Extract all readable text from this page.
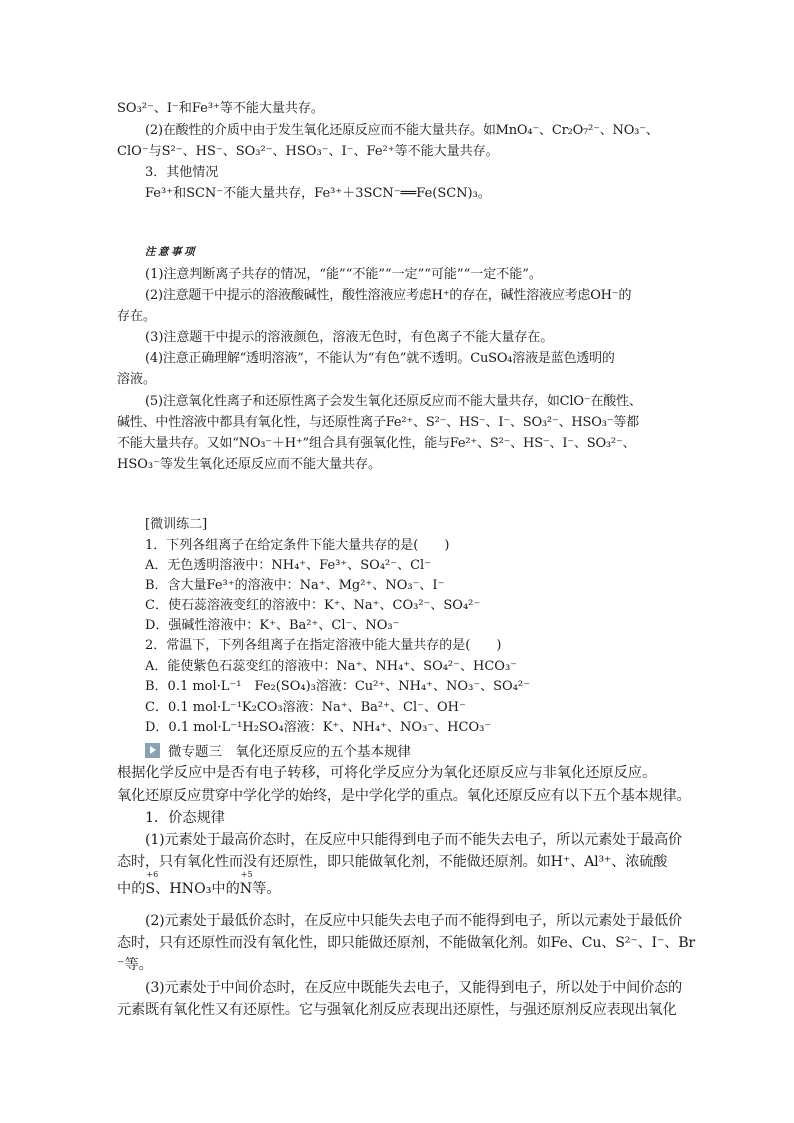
SO₃²⁻、I⁻和Fe³⁺等不能大量共存。
(2)在酸性的介质中由于发生氧化还原反应而不能大量共存。如MnO₄⁻、Cr₂O₇²⁻、NO₃⁻、
ClO⁻与S²⁻、HS⁻、SO₃²⁻、HSO₃⁻、I⁻、Fe²⁺等不能大量共存。
3．其他情况
Fe³⁺和SCN⁻不能大量共存，Fe³⁺＋3SCN⁻══Fe(SCN)₃。
注意事项
(1)注意判断离子共存的情况，“能”“不能”“一定”“可能”“一定不能”。
(2)注意题干中提示的溶液酸碱性，酸性溶液应考虑H⁺的存在，碱性溶液应考虑OH⁻的
存在。
(3)注意题干中提示的溶液颜色，溶液无色时，有色离子不能大量存在。
(4)注意正确理解“透明溶液”，不能认为“有色”就不透明。CuSO₄溶液是蓝色透明的
溶液。
(5)注意氧化性离子和还原性离子会发生氧化还原反应而不能大量共存，如ClO⁻在酸性、
碱性、中性溶液中都具有氧化性，与还原性离子Fe²⁺、S²⁻、HS⁻、I⁻、SO₃²⁻、HSO₃⁻等都
不能大量共存。又如“NO₃⁻＋H⁺”组合具有强氧化性，能与Fe²⁺、S²⁻、HS⁻、I⁻、SO₃²⁻、
HSO₃⁻等发生氧化还原反应而不能大量共存。
[微训练二]
1．下列各组离子在给定条件下能大量共存的是(　　)
A．无色透明溶液中：NH₄⁺、Fe³⁺、SO₄²⁻、Cl⁻
B．含大量Fe³⁺的溶液中：Na⁺、Mg²⁺、NO₃⁻、I⁻
C．使石蕊溶液变红的溶液中：K⁺、Na⁺、CO₃²⁻、SO₄²⁻
D．强碱性溶液中：K⁺、Ba²⁺、Cl⁻、NO₃⁻
2．常温下，下列各组离子在指定溶液中能大量共存的是(　　)
A．能使紫色石蕊变红的溶液中：Na⁺、NH₄⁺、SO₄²⁻、HCO₃⁻
B．0.1 mol·L⁻¹　Fe₂(SO₄)₃溶液：Cu²⁺、NH₄⁺、NO₃⁻、SO₄²⁻
C．0.1 mol·L⁻¹K₂CO₃溶液：Na⁺、Ba²⁺、Cl⁻、OH⁻
D．0.1 mol·L⁻¹H₂SO₄溶液：K⁺、NH₄⁺、NO₃⁻、HCO₃⁻
微专题三　氧化还原反应的五个基本规律
根据化学反应中是否有电子转移，可将化学反应分为氧化还原反应与非氧化还原反应。
氧化还原反应贯穿中学化学的始终，是中学化学的重点。氧化还原反应有以下五个基本规律。
1．价态规律
(1)元素处于最高价态时，在反应中只能得到电子而不能失去电子，所以元素处于最高价
态时，只有氧化性而没有还原性，即只能做氧化剂，不能做还原剂。如H⁺、Al³⁺、浓硫酸
中的
+6
S、HNO₃中的
+5
N等。
(2)元素处于最低价态时，在反应中只能失去电子而不能得到电子，所以元素处于最低价
态时，只有还原性而没有氧化性，即只能做还原剂，不能做氧化剂。如Fe、Cu、S²⁻、I⁻、Br
⁻等。
(3)元素处于中间价态时，在反应中既能失去电子，又能得到电子，所以处于中间价态的
元素既有氧化性又有还原性。它与强氧化剂反应表现出还原性，与强还原剂反应表现出氧化
